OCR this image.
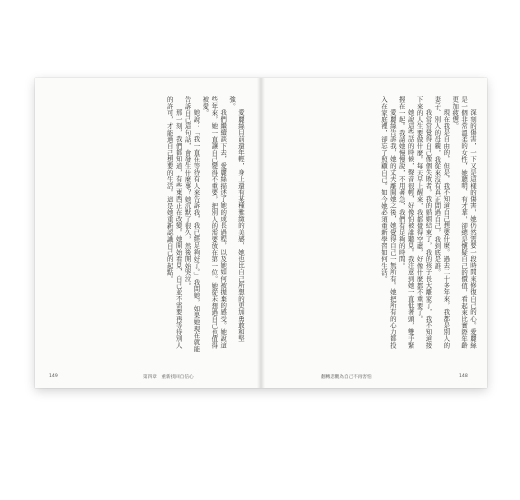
愛麗絲目前還年輕，身上還有某種雅緻的美感，她也比自己所想的更加勇敢和堅強。

我們繼續談下去，愛麗絲描述了她的成長過程，以及她如何被拋棄的感受。她說這些年來，她一直讓自己變得不重要，把別人的需要放在第一位。她從未想過自己也值得被愛。

她說：「我一直在等待有人來告訴我，我已經足夠好了。」我問她，如果她現在就能告訴自己這句話，會發生什麼事？她沉默了很久，然後開始哭泣。

那一刻，我們都知道，有些東西正在改變。她開始看見，自己並不需要再等待別人的許可，才能過自己想要的生活。這是她重新認識自己的起點。

149	第四章　重新找回自信心

深刻的傷害，一下又是這樣的傷害，她仍然需要一段時間來修復自己的心。愛麗絲是一個非常溫柔的女性，她聰明、有才華，卻總是懷疑自己的價值，看起來比實際年齡更加疲憊。

現在我是自由的，但是，我不知道自己想要什麼。過去二十多年來，我都是別人的妻子、別人的母親，我從來沒有真正問過自己，我到底是誰。

我常常覺得自己像個失敗者。我的婚姻結束了，我的孩子長大離家了，我不知道接下來的人生要做什麼。每天早上醒來，我都覺得空虛，好像什麼都不重要了。

她說這些話的時候，聲音很輕，好像怕被誰聽見。我注意到她一直低著頭，雙手緊握在一起。我請她慢慢說，不用著急，我們有足夠的時間。

愛麗絲告訴我，她的丈夫離開她之後，她覺得自己一無所有。她把所有的心力都投入在家庭裡，卻忘了照顧自己。如今她必須重新學習如何生活。

翻轉悲觀為自己不再害怕	148
